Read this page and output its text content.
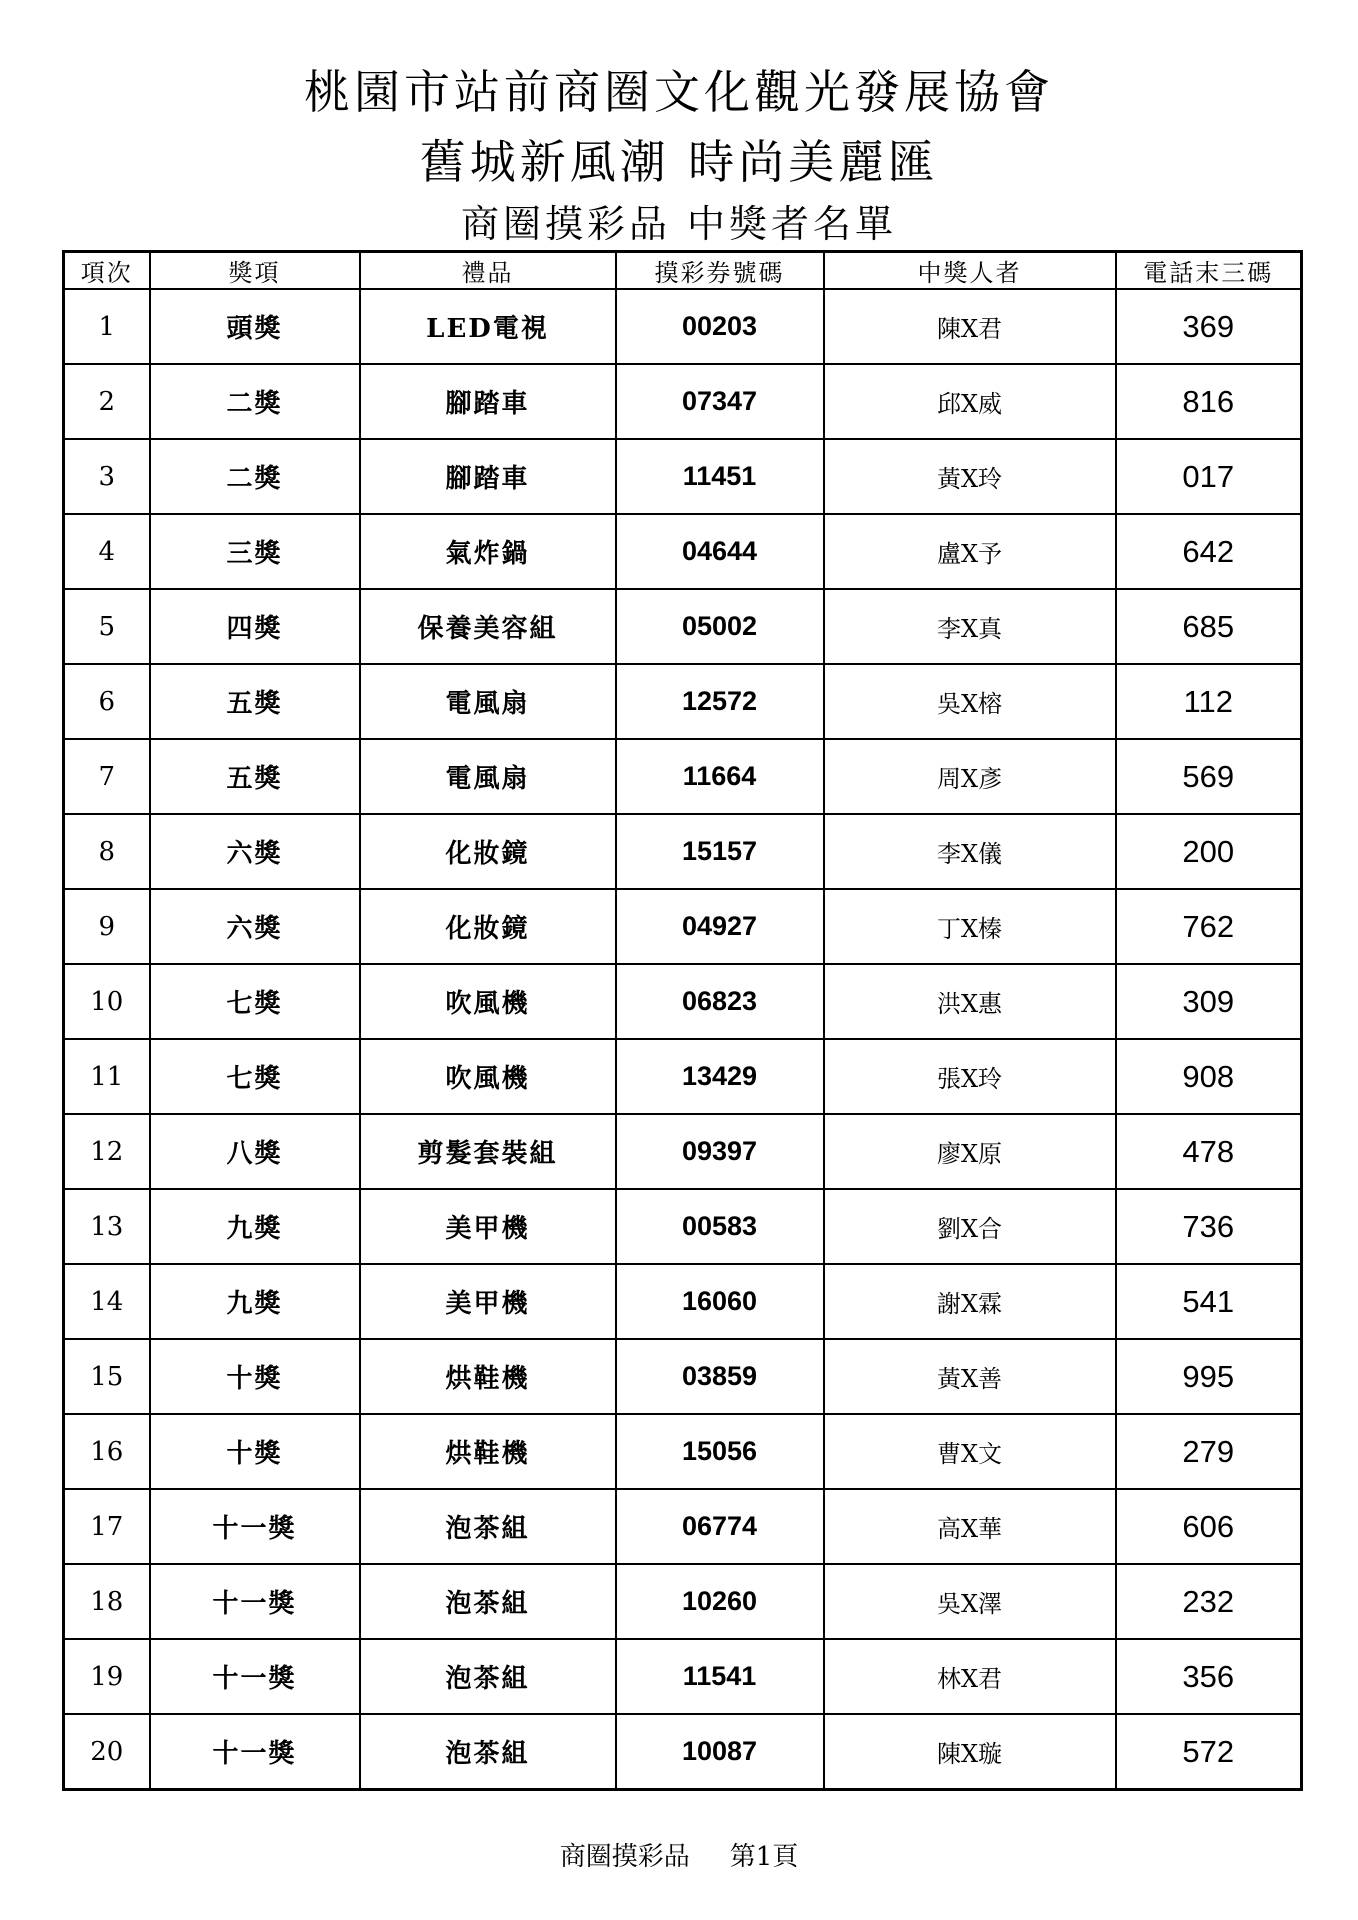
桃園市站前商圈文化觀光發展協會
舊城新風潮 時尚美麗匯
商圈摸彩品 中獎者名單
項次	獎項	禮品	摸彩券號碼	中獎人者	電話末三碼
1	頭獎	LED電視	00203	陳X君	369
2	二獎	腳踏車	07347	邱X威	816
3	二獎	腳踏車	11451	黃X玲	017
4	三獎	氣炸鍋	04644	盧X予	642
5	四獎	保養美容組	05002	李X真	685
6	五獎	電風扇	12572	吳X榕	112
7	五獎	電風扇	11664	周X彥	569
8	六獎	化妝鏡	15157	李X儀	200
9	六獎	化妝鏡	04927	丁X榛	762
10	七獎	吹風機	06823	洪X惠	309
11	七獎	吹風機	13429	張X玲	908
12	八獎	剪髮套裝組	09397	廖X原	478
13	九獎	美甲機	00583	劉X合	736
14	九獎	美甲機	16060	謝X霖	541
15	十獎	烘鞋機	03859	黃X善	995
16	十獎	烘鞋機	15056	曹X文	279
17	十一獎	泡茶組	06774	高X華	606
18	十一獎	泡茶組	10260	吳X澤	232
19	十一獎	泡茶組	11541	林X君	356
20	十一獎	泡茶組	10087	陳X璇	572
商圈摸彩品 第1頁
